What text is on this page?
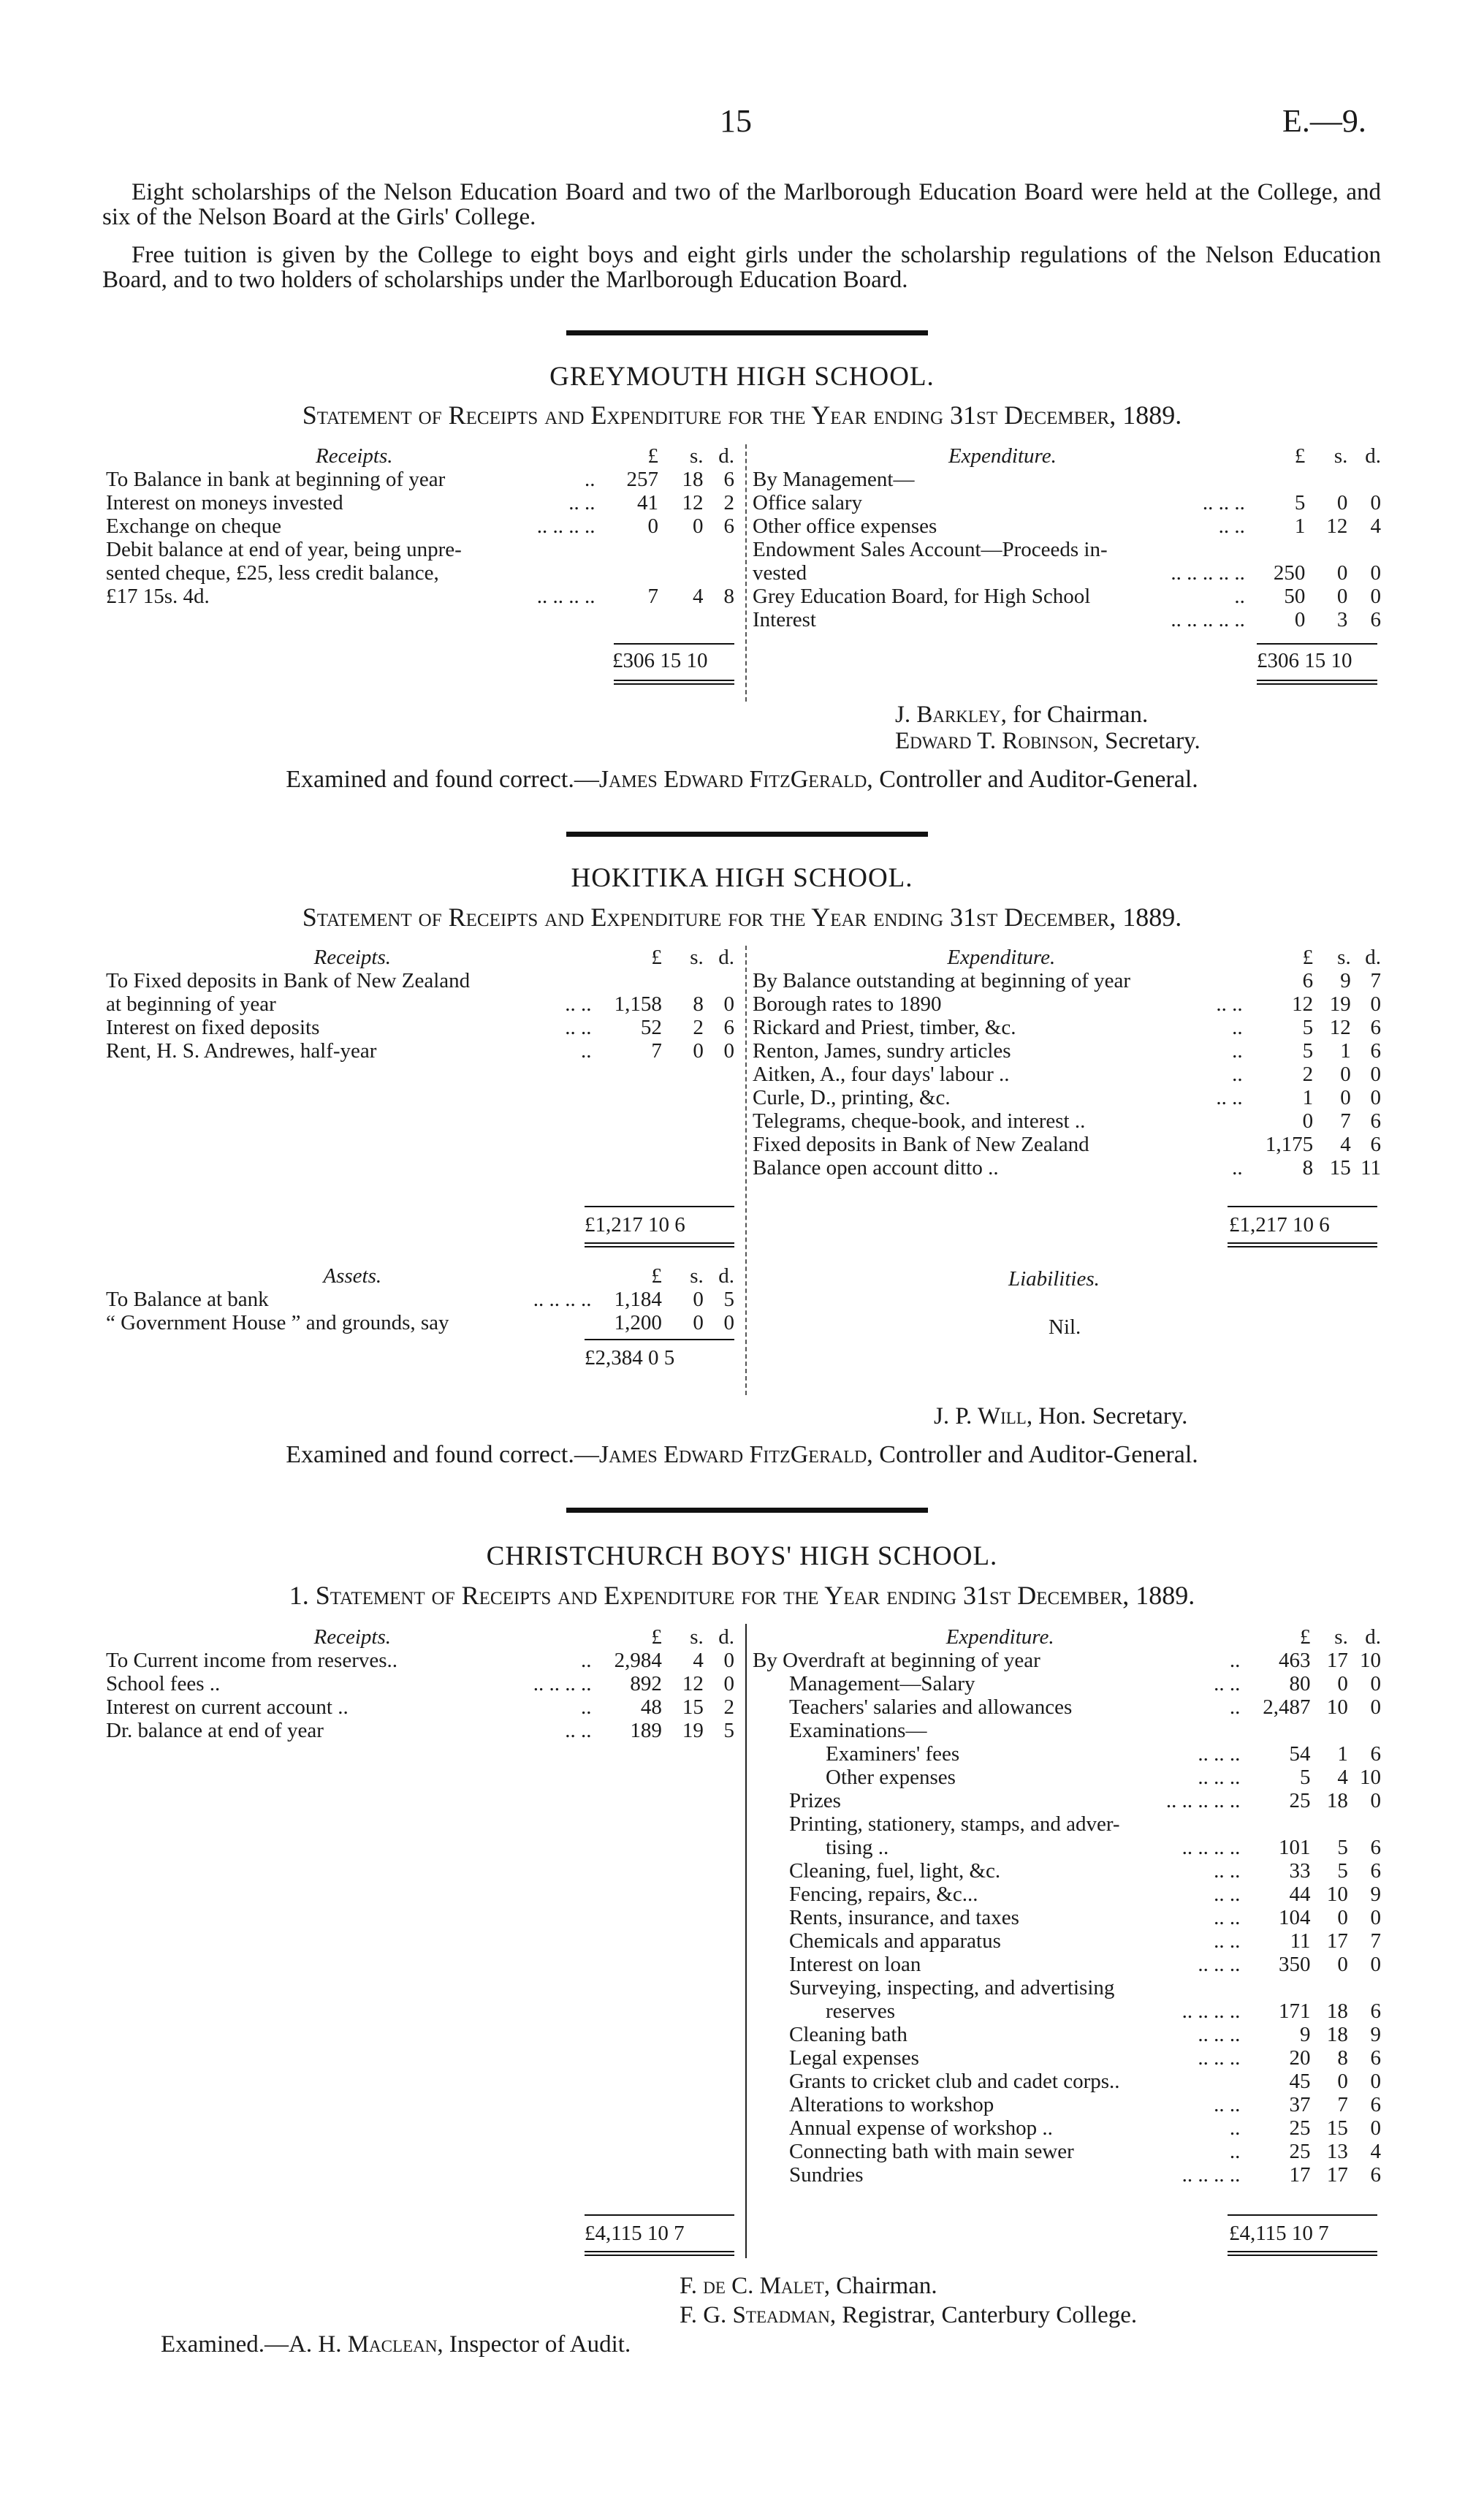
15	E.—9.
Eight scholarships of the Nelson Education Board and two of the Marlborough Education Board were held at the College, and six of the Nelson Board at the Girls' College.
Free tuition is given by the College to eight boys and eight girls under the scholarship regulations of the Nelson Education Board, and to two holders of scholarships under the Marlborough Education Board.
GREYMOUTH HIGH SCHOOL.
Statement of Receipts and Expenditure for the Year ending 31st December, 1889.
Receipts.	£	s.	d.
To Balance in bank at beginning of year ..	257	18	6
Interest on moneys invested .. ..	41	12	2
Exchange on cheque .. .. .. ..	0	0	6
Debit balance at end of year, being unpre-

sented cheque, £25, less credit balance,

£17 15s. 4d. .. .. .. ..	7	4	8
£306 15 10
Expenditure.	£	s.	d.
By Management—

Office salary .. .. ..	5	0	0
Other office expenses .. ..	1	12	4
Endowment Sales Account—Proceeds in-

vested .. .. .. .. ..	250	0	0
Grey Education Board, for High School ..	50	0	0
Interest .. .. .. .. ..	0	3	6
£306 15 10
J. Barkley, for Chairman.
Edward T. Robinson, Secretary.
Examined and found correct.—James Edward FitzGerald, Controller and Auditor-General.
HOKITIKA HIGH SCHOOL.
Statement of Receipts and Expenditure for the Year ending 31st December, 1889.
Receipts.	£	s.	d.
To Fixed deposits in Bank of New Zealand

at beginning of year .. ..	1,158	8	0
Interest on fixed deposits .. ..	52	2	6
Rent, H. S. Andrewes, half-year ..	7	0	0
£1,217 10 6
Expenditure.	£	s.	d.
By Balance outstanding at beginning of year	6	9	7
Borough rates to 1890 .. ..	12	19	0
Rickard and Priest, timber, &c. ..	5	12	6
Renton, James, sundry articles ..	5	1	6
Aitken, A., four days' labour .. ..	2	0	0
Curle, D., printing, &c. .. ..	1	0	0
Telegrams, cheque-book, and interest ..	0	7	6
Fixed deposits in Bank of New Zealand	1,175	4	6
Balance open account ditto .. ..	8	15	11
£1,217 10 6
Assets.	£	s.	d.
To Balance at bank .. .. .. ..	1,184	0	5
“ Government House ” and grounds, say	1,200	0	0
£2,384 0 5
Liabilities.
Nil.
J. P. Will, Hon. Secretary.
Examined and found correct.—James Edward FitzGerald, Controller and Auditor-General.
CHRISTCHURCH BOYS' HIGH SCHOOL.
1. Statement of Receipts and Expenditure for the Year ending 31st December, 1889.
Receipts.	£	s.	d.
To Current income from reserves.. ..	2,984	4	0
School fees .. .. .. .. ..	892	12	0
Interest on current account .. ..	48	15	2
Dr. balance at end of year .. ..	189	19	5
£4,115 10 7
Expenditure.	£	s.	d.
By Overdraft at beginning of year ..	463	17	10
Management—Salary .. ..	80	0	0
Teachers' salaries and allowances ..	2,487	10	0
Examinations—

Examiners' fees .. .. ..	54	1	6
Other expenses .. .. ..	5	4	10
Prizes .. .. .. .. ..	25	18	0
Printing, stationery, stamps, and adver-

tising .. .. .. .. ..	101	5	6
Cleaning, fuel, light, &c. .. ..	33	5	6
Fencing, repairs, &c... .. ..	44	10	9
Rents, insurance, and taxes .. ..	104	0	0
Chemicals and apparatus .. ..	11	17	7
Interest on loan .. .. ..	350	0	0
Surveying, inspecting, and advertising

reserves .. .. .. ..	171	18	6
Cleaning bath .. .. ..	9	18	9
Legal expenses .. .. ..	20	8	6
Grants to cricket club and cadet corps..	45	0	0
Alterations to workshop .. ..	37	7	6
Annual expense of workshop .. ..	25	15	0
Connecting bath with main sewer ..	25	13	4
Sundries .. .. .. ..	17	17	6
£4,115 10 7
F. de C. Malet, Chairman.
F. G. Steadman, Registrar, Canterbury College.
Examined.—A. H. Maclean, Inspector of Audit.
